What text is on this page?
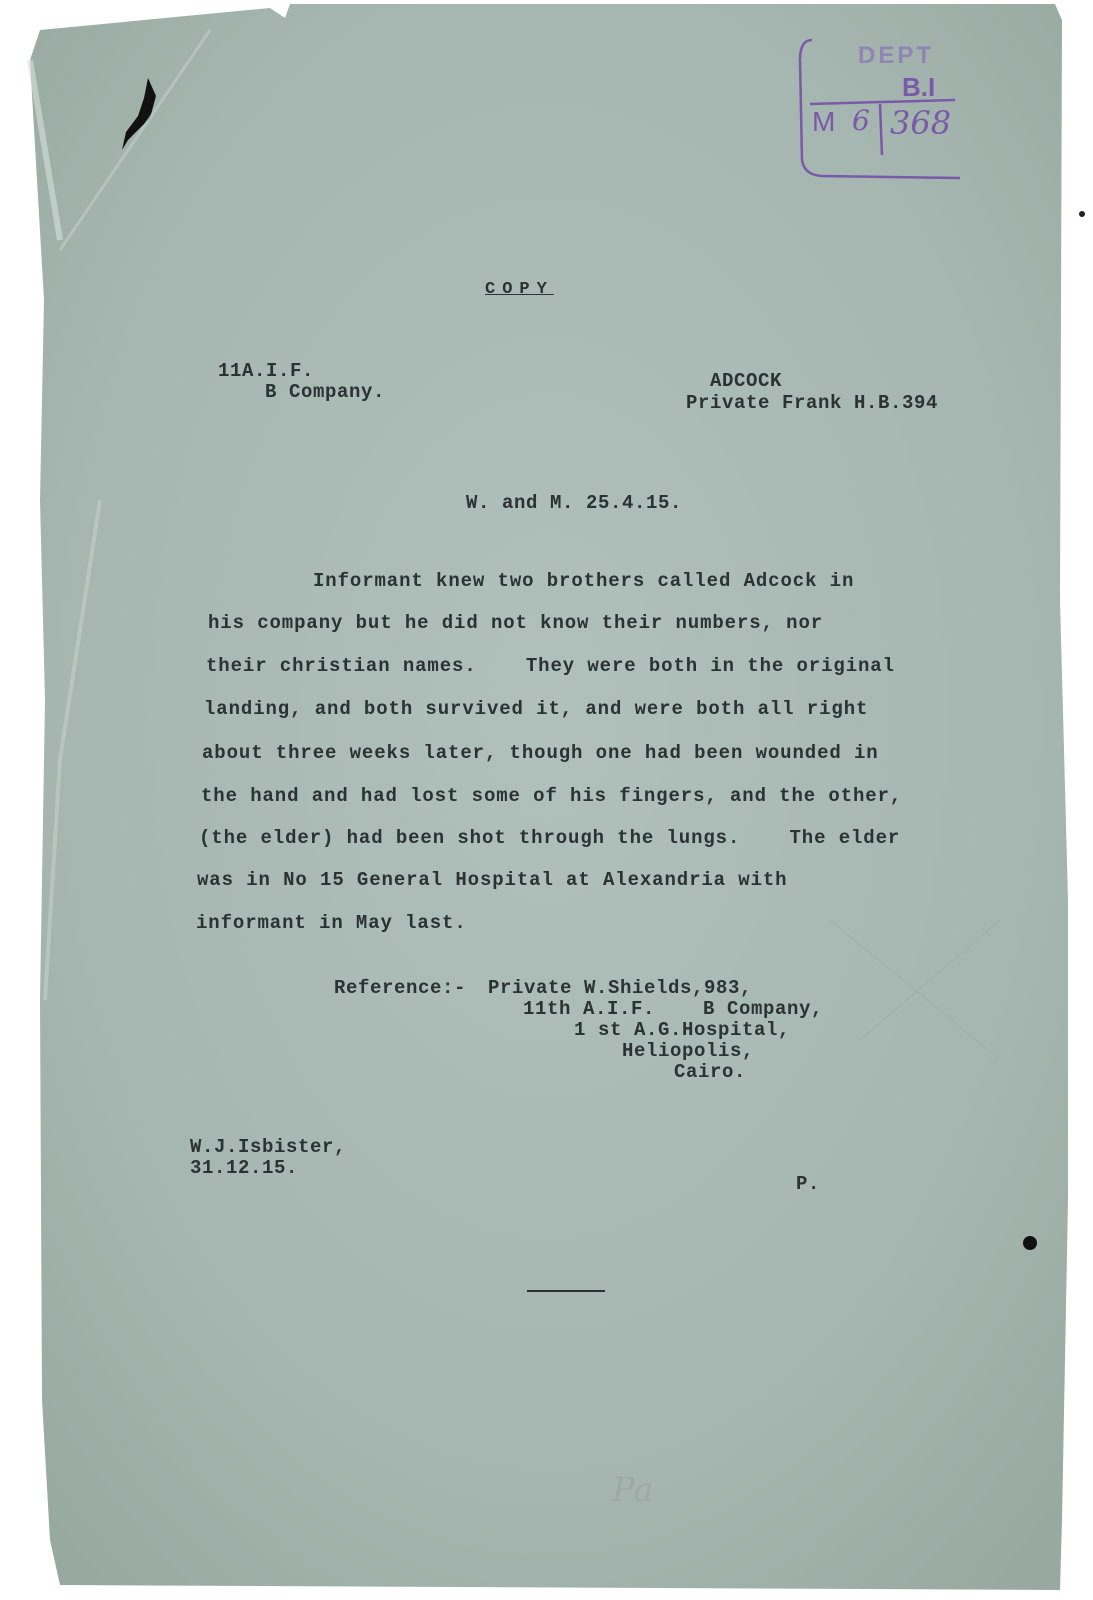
DEPT
B.I
M 6 368
COPY
11A.I.F.
B Company.	ADCOCK
Private Frank H.B.394
W. and M. 25.4.15.
Informant knew two brothers called Adcock in
his company but he did not know their numbers, nor
their christian names.    They were both in the original
landing, and both survived it, and were both all right
about three weeks later, though one had been wounded in
the hand and had lost some of his fingers, and the other,
(the elder) had been shot through the lungs.    The elder
was in No 15 General Hospital at Alexandria with
informant in May last.
Reference:- Private W.Shields,983,
11th A.I.F.    B Company,
1 st A.G.Hospital,
Heliopolis,
Cairo.
W.J.Isbister,
31.12.15.
P.
Pa
